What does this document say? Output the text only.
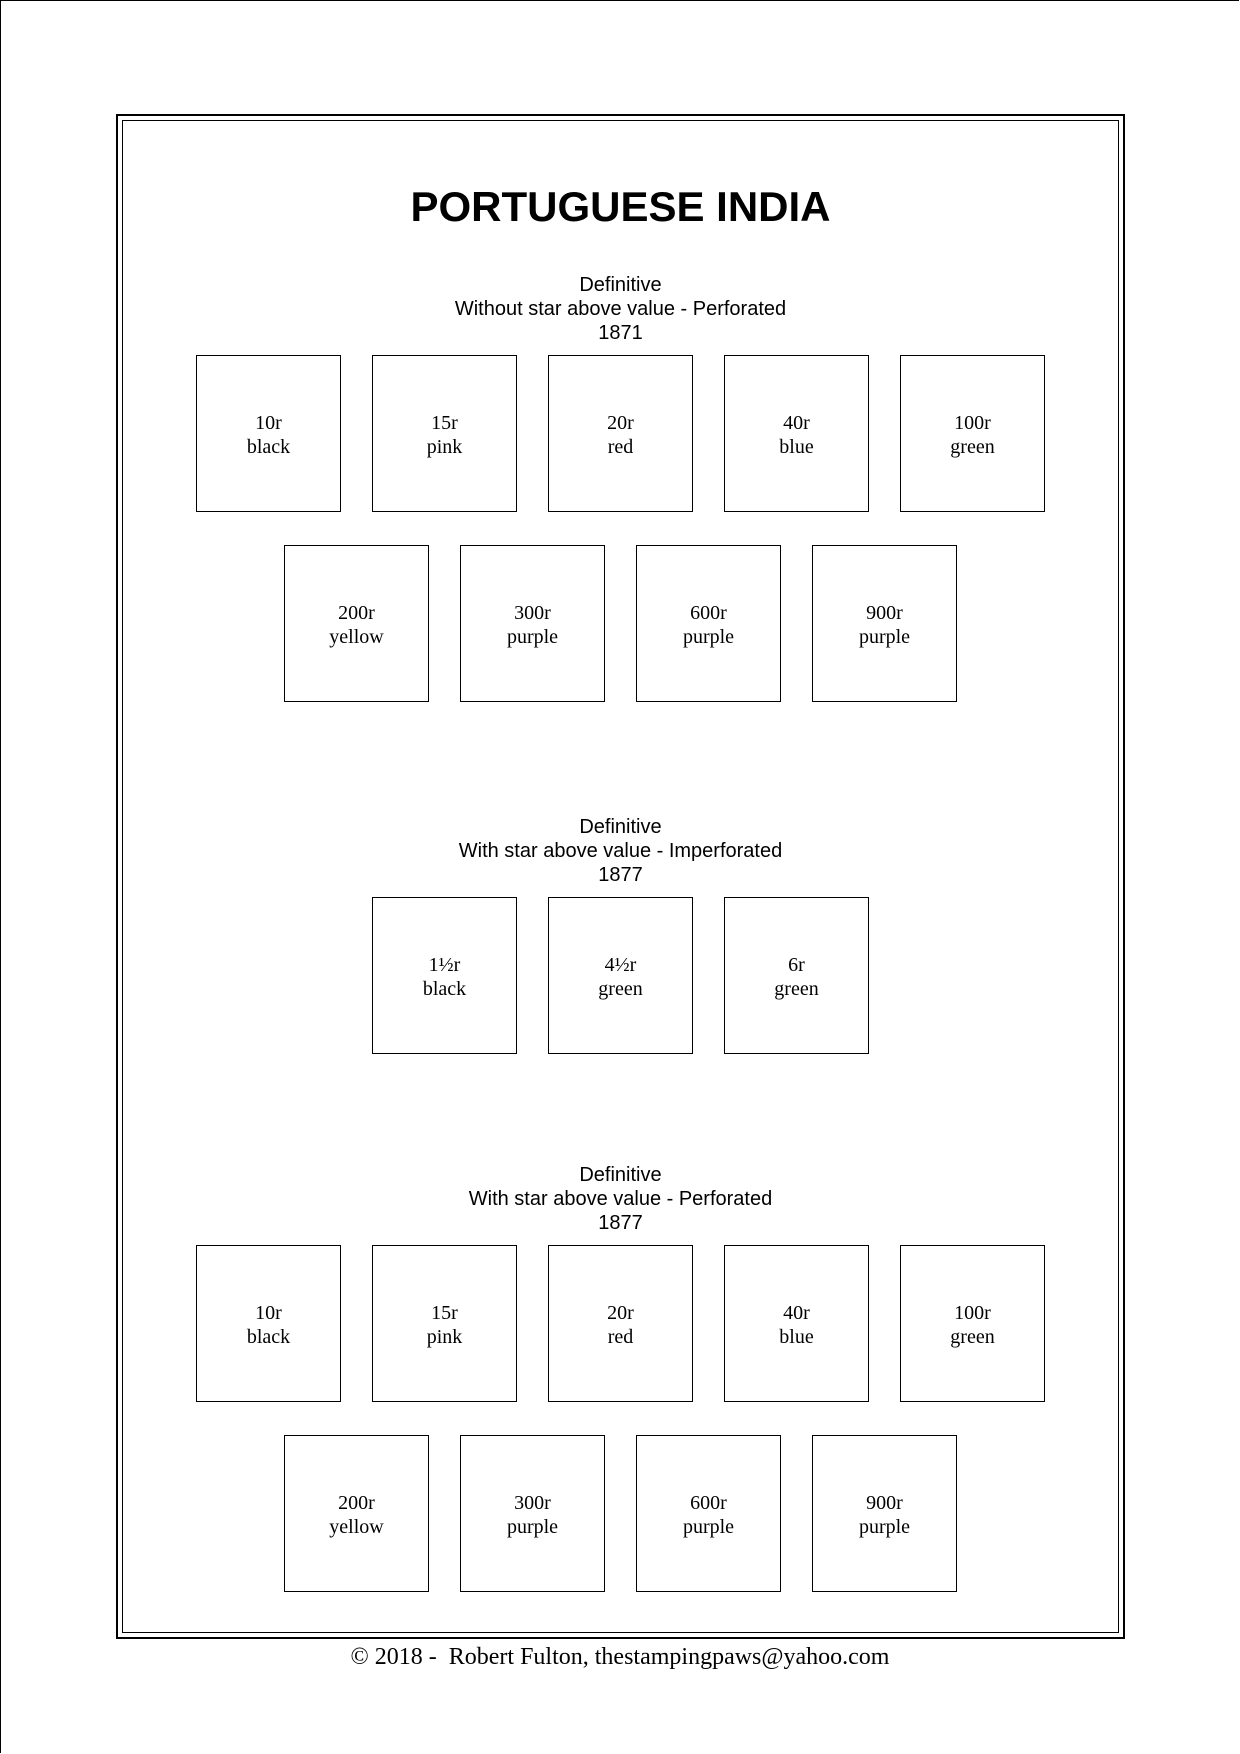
PORTUGUESE INDIA
Definitive
Without star above value - Perforated
1871
10r
black
15r
pink
20r
red
40r
blue
100r
green
200r
yellow
300r
purple
600r
purple
900r
purple
Definitive
With star above value - Imperforated
1877
1½r
black
4½r
green
6r
green
Definitive
With star above value - Perforated
1877
10r
black
15r
pink
20r
red
40r
blue
100r
green
200r
yellow
300r
purple
600r
purple
900r
purple
© 2018 -  Robert Fulton, thestampingpaws@yahoo.com
